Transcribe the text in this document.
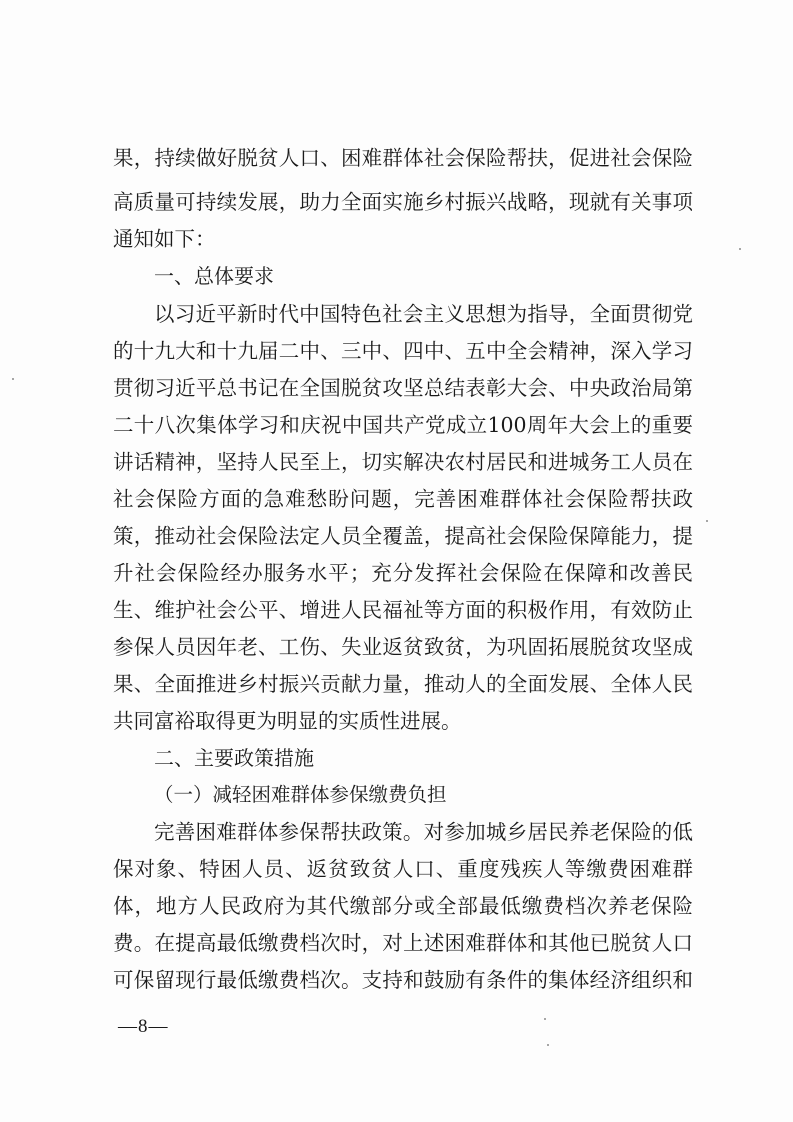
果，持续做好脱贫人口、困难群体社会保险帮扶，促进社会保险
高质量可持续发展，助力全面实施乡村振兴战略，现就有关事项
通知如下：
一、总体要求
以习近平新时代中国特色社会主义思想为指导，全面贯彻党
的十九大和十九届二中、三中、四中、五中全会精神，深入学习
贯彻习近平总书记在全国脱贫攻坚总结表彰大会、中央政治局第
二十八次集体学习和庆祝中国共产党成立100周年大会上的重要
讲话精神，坚持人民至上，切实解决农村居民和进城务工人员在
社会保险方面的急难愁盼问题，完善困难群体社会保险帮扶政
策，推动社会保险法定人员全覆盖，提高社会保险保障能力，提
升社会保险经办服务水平；充分发挥社会保险在保障和改善民
生、维护社会公平、增进人民福祉等方面的积极作用，有效防止
参保人员因年老、工伤、失业返贫致贫，为巩固拓展脱贫攻坚成
果、全面推进乡村振兴贡献力量，推动人的全面发展、全体人民
共同富裕取得更为明显的实质性进展。
二、主要政策措施
（一）减轻困难群体参保缴费负担
完善困难群体参保帮扶政策。对参加城乡居民养老保险的低
保对象、特困人员、返贫致贫人口、重度残疾人等缴费困难群
体，地方人民政府为其代缴部分或全部最低缴费档次养老保险
费。在提高最低缴费档次时，对上述困难群体和其他已脱贫人口
可保留现行最低缴费档次。支持和鼓励有条件的集体经济组织和
—8—
